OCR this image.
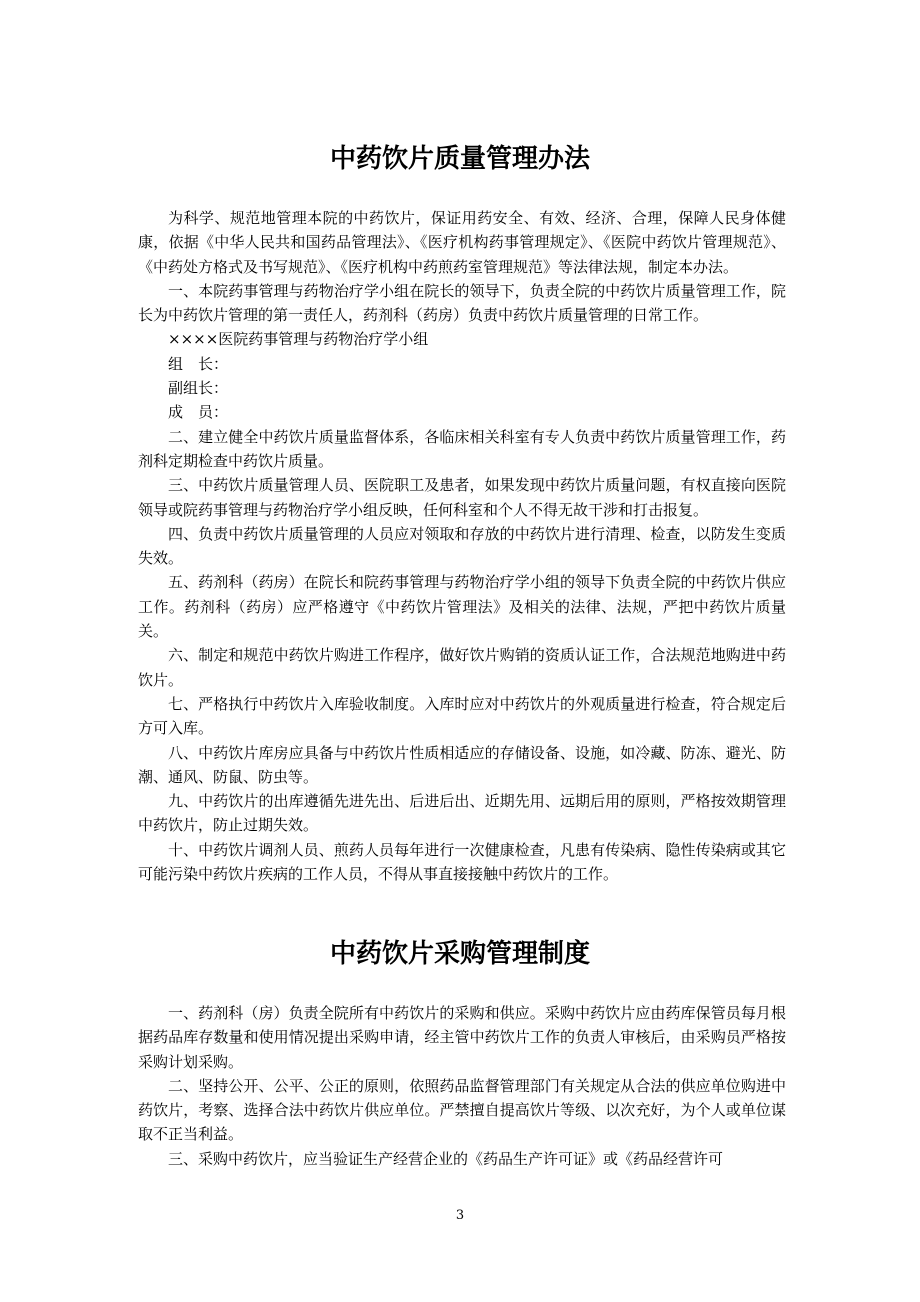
中药饮片质量管理办法

为科学、规范地管理本院的中药饮片，保证用药安全、有效、经济、合理，保障人民身体健康，依据《中华人民共和国药品管理法》、《医疗机构药事管理规定》、《医院中药饮片管理规范》、《中药处方格式及书写规范》、《医疗机构中药煎药室管理规范》等法律法规，制定本办法。

一、本院药事管理与药物治疗学小组在院长的领导下，负责全院的中药饮片质量管理工作，院长为中药饮片管理的第一责任人，药剂科（药房）负责中药饮片质量管理的日常工作。

××××医院药事管理与药物治疗学小组

组　长：

副组长：

成　员：

二、建立健全中药饮片质量监督体系，各临床相关科室有专人负责中药饮片质量管理工作，药剂科定期检查中药饮片质量。

三、中药饮片质量管理人员、医院职工及患者，如果发现中药饮片质量问题，有权直接向医院领导或院药事管理与药物治疗学小组反映，任何科室和个人不得无故干涉和打击报复。

四、负责中药饮片质量管理的人员应对领取和存放的中药饮片进行清理、检查，以防发生变质失效。

五、药剂科（药房）在院长和院药事管理与药物治疗学小组的领导下负责全院的中药饮片供应工作。药剂科（药房）应严格遵守《中药饮片管理法》及相关的法律、法规，严把中药饮片质量关。

六、制定和规范中药饮片购进工作程序，做好饮片购销的资质认证工作，合法规范地购进中药饮片。

七、严格执行中药饮片入库验收制度。入库时应对中药饮片的外观质量进行检查，符合规定后方可入库。

八、中药饮片库房应具备与中药饮片性质相适应的存储设备、设施，如冷藏、防冻、避光、防潮、通风、防鼠、防虫等。

九、中药饮片的出库遵循先进先出、后进后出、近期先用、远期后用的原则，严格按效期管理中药饮片，防止过期失效。

十、中药饮片调剂人员、煎药人员每年进行一次健康检查，凡患有传染病、隐性传染病或其它可能污染中药饮片疾病的工作人员，不得从事直接接触中药饮片的工作。

中药饮片采购管理制度

一、药剂科（房）负责全院所有中药饮片的采购和供应。采购中药饮片应由药库保管员每月根据药品库存数量和使用情况提出采购申请，经主管中药饮片工作的负责人审核后，由采购员严格按采购计划采购。

二、坚持公开、公平、公正的原则，依照药品监督管理部门有关规定从合法的供应单位购进中药饮片，考察、选择合法中药饮片供应单位。严禁擅自提高饮片等级、以次充好，为个人或单位谋取不正当利益。

三、采购中药饮片，应当验证生产经营企业的《药品生产许可证》或《药品经营许可

3
